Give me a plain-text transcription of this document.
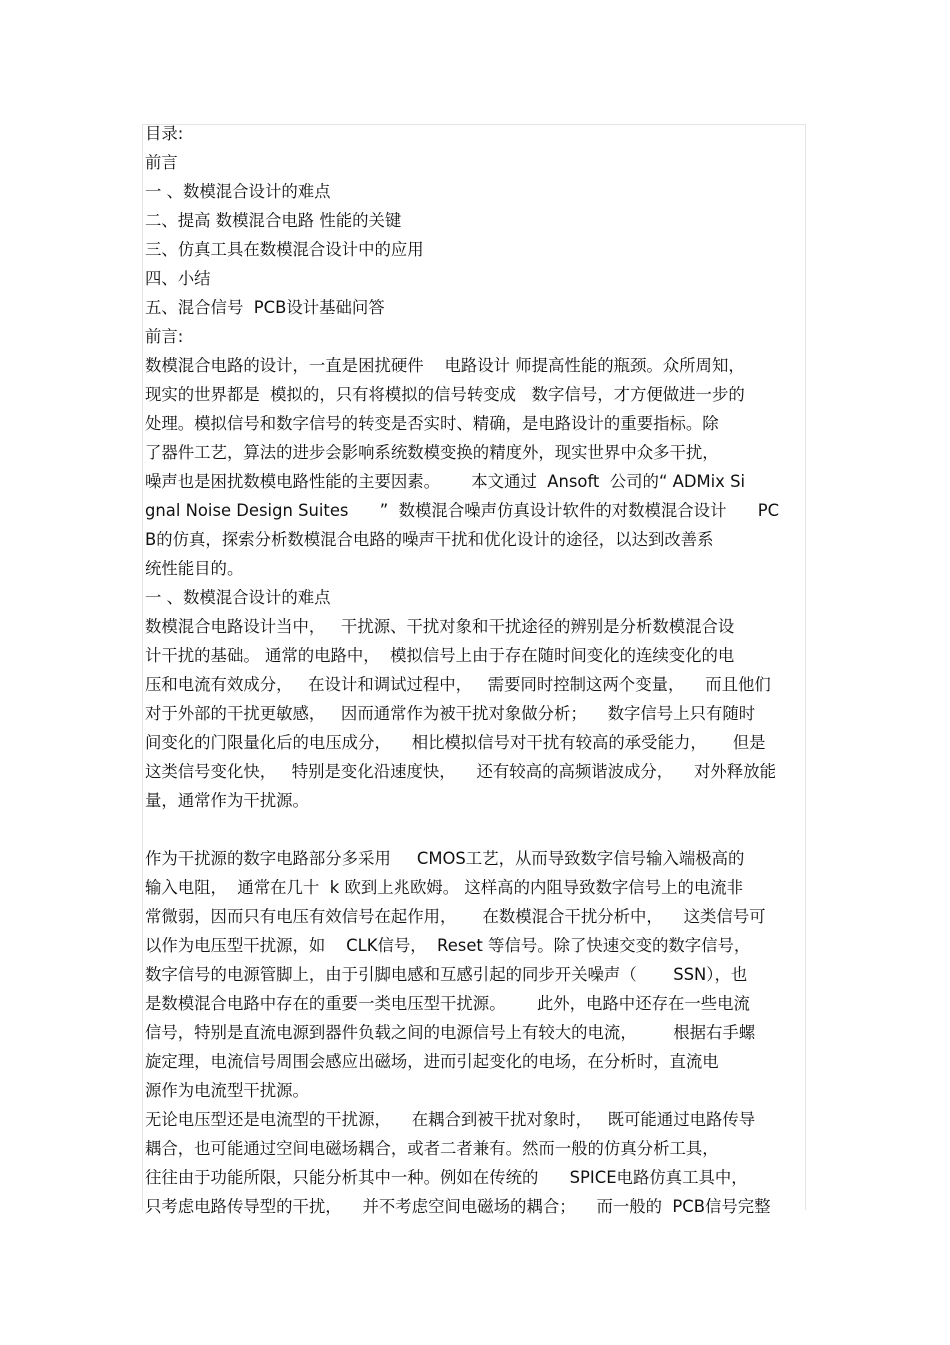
目录:
前言
一 、数模混合设计的难点
二、提高 数模混合电路 性能的关键
三、仿真工具在数模混合设计中的应用
四、小结
五、混合信号  PCB设计基础问答
前言:
数模混合电路的设计，一直是困扰硬件    电路设计 师提高性能的瓶颈。众所周知，
现实的世界都是  模拟的，只有将模拟的信号转变成   数字信号，才方便做进一步的
处理。模拟信号和数字信号的转变是否实时、精确，是电路设计的重要指标。除
了器件工艺，算法的进步会影响系统数模变换的精度外，现实世界中众多干扰，
噪声也是困扰数模电路性能的主要因素。      本文通过  Ansoft  公司的“ ADMix Si
gnal Noise Design Suites      ”  数模混合噪声仿真设计软件的对数模混合设计      PC
B的仿真，探索分析数模混合电路的噪声干扰和优化设计的途径，以达到改善系
统性能目的。
一 、数模混合设计的难点
数模混合电路设计当中，   干扰源、干扰对象和干扰途径的辨别是分析数模混合设
计干扰的基础。 通常的电路中，  模拟信号上由于存在随时间变化的连续变化的电
压和电流有效成分，   在设计和调试过程中，   需要同时控制这两个变量，    而且他们
对于外部的干扰更敏感，   因而通常作为被干扰对象做分析；    数字信号上只有随时
间变化的门限量化后的电压成分，    相比模拟信号对干扰有较高的承受能力，     但是
这类信号变化快，   特别是变化沿速度快，    还有较高的高频谐波成分，    对外释放能
量，通常作为干扰源。
作为干扰源的数字电路部分多采用     CMOS工艺，从而导致数字信号输入端极高的
输入电阻，  通常在几十  k 欧到上兆欧姆。 这样高的内阻导致数字信号上的电流非
常微弱，因而只有电压有效信号在起作用，     在数模混合干扰分析中，    这类信号可
以作为电压型干扰源，如    CLK信号，  Reset 等信号。除了快速交变的数字信号，
数字信号的电源管脚上，由于引脚电感和互感引起的同步开关噪声（       SSN），也
是数模混合电路中存在的重要一类电压型干扰源。      此外，电路中还存在一些电流
信号，特别是直流电源到器件负载之间的电源信号上有较大的电流，       根据右手螺
旋定理，电流信号周围会感应出磁场，进而引起变化的电场，在分析时，直流电
源作为电流型干扰源。
无论电压型还是电流型的干扰源，    在耦合到被干扰对象时，   既可能通过电路传导
耦合，也可能通过空间电磁场耦合，或者二者兼有。然而一般的仿真分析工具，
往往由于功能所限，只能分析其中一种。例如在传统的      SPICE电路仿真工具中，
只考虑电路传导型的干扰，    并不考虑空间电磁场的耦合；    而一般的  PCB信号完整
